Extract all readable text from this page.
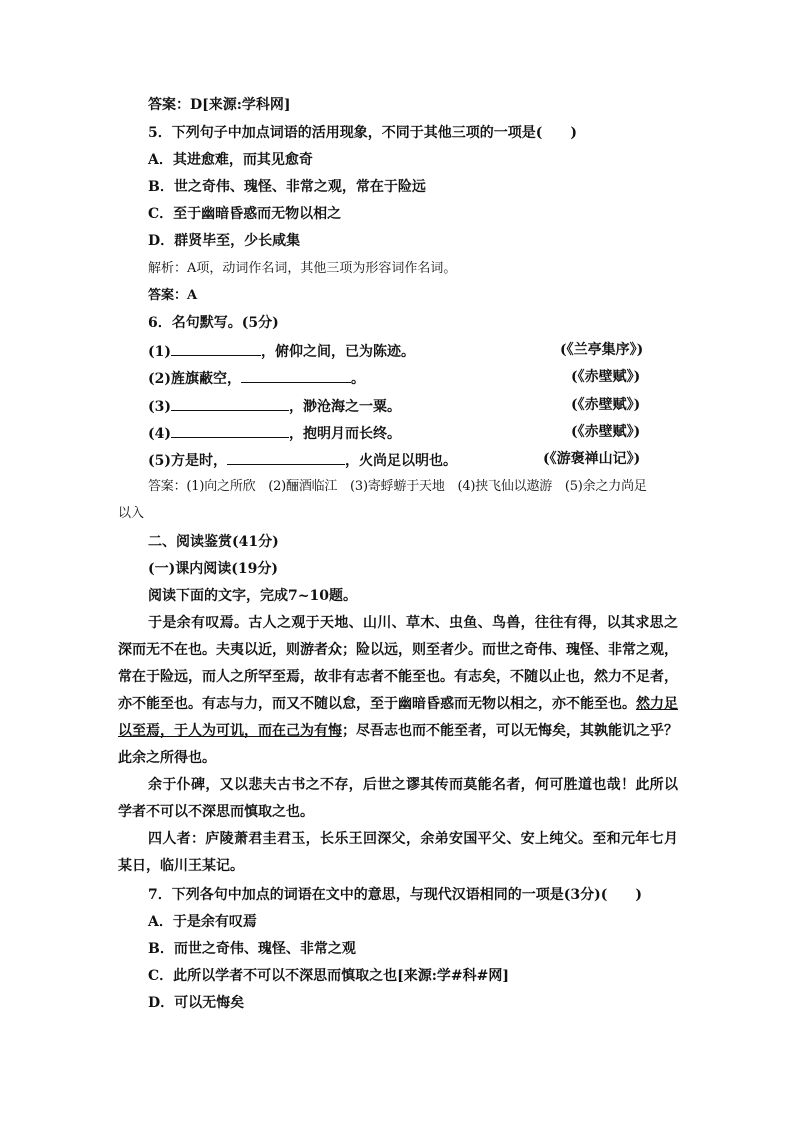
答案：D[来源:学科网]
5．下列句子中加点词语的活用现象，不同于其他三项的一项是(　　)
A．其进愈难，而其见愈奇
B．世之奇伟、瑰怪、非常之观，常在于险远
C．至于幽暗昏惑而无物以相之
D．群贤毕至，少长咸集
解析：A项，动词作名词，其他三项为形容词作名词。
答案：A
6．名句默写。(5分)
(1)	，俯仰之间，已为陈迹。	(《兰亭集序》)
(2)旌旗蔽空，	。	(《赤壁赋》)
(3)	，渺沧海之一粟。	(《赤壁赋》)
(4)	，抱明月而长终。	(《赤壁赋》)
(5)方是时，	，火尚足以明也。	(《游褒禅山记》)
答案：(1)向之所欣　(2)酾酒临江　(3)寄蜉蝣于天地　(4)挟飞仙以遨游　(5)余之力尚足
以入
二、阅读鉴赏(41分)
(一)课内阅读(19分)
阅读下面的文字，完成7~10题。
于是余有叹焉。古人之观于天地、山川、草木、虫鱼、鸟兽，往往有得，以其求思之深而无不在也。夫夷以近，则游者众；险以远，则至者少。而世之奇伟、瑰怪、非常之观，常在于险远，而人之所罕至焉，故非有志者不能至也。有志矣，不随以止也，然力不足者，亦不能至也。有志与力，而又不随以怠，至于幽暗昏惑而无物以相之，亦不能至也。然力足以至焉，于人为可讥，而在己为有悔；尽吾志也而不能至者，可以无悔矣，其孰能讥之乎？此余之所得也。
余于仆碑，又以悲夫古书之不存，后世之谬其传而莫能名者，何可胜道也哉！此所以学者不可以不深思而慎取之也。
四人者：庐陵萧君圭君玉，长乐王回深父，余弟安国平父、安上纯父。至和元年七月某日，临川王某记。
7．下列各句中加点的词语在文中的意思，与现代汉语相同的一项是(3分)(　　)
A．于是余有叹焉
B．而世之奇伟、瑰怪、非常之观
C．此所以学者不可以不深思而慎取之也[来源:学#科#网]
D．可以无悔矣
